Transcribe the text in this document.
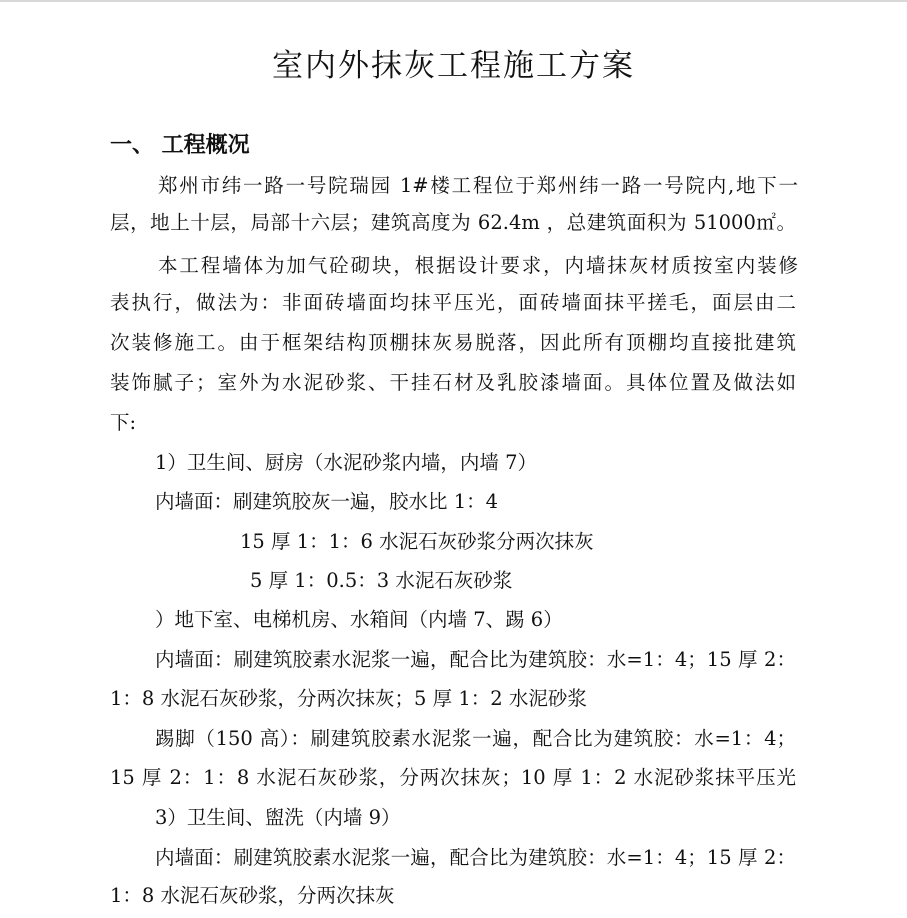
室内外抹灰工程施工方案
一、 工程概况
郑州市纬一路一号院瑞园 1#楼工程位于郑州纬一路一号院内,地下一
层，地上十层，局部十六层；建筑高度为 62.4m ，总建筑面积为 51000㎡。
本工程墙体为加气砼砌块，根据设计要求，内墙抹灰材质按室内装修
表执行，做法为：非面砖墙面均抹平压光，面砖墙面抹平搓毛，面层由二
次装修施工。由于框架结构顶棚抹灰易脱落，因此所有顶棚均直接批建筑
装饰腻子；室外为水泥砂浆、干挂石材及乳胶漆墙面。具体位置及做法如
下:
1）卫生间、厨房（水泥砂浆内墙，内墙 7）
内墙面：刷建筑胶灰一遍，胶水比 1：4
15 厚 1：1：6 水泥石灰砂浆分两次抹灰
5 厚 1：0.5：3 水泥石灰砂浆
）地下室、电梯机房、水箱间（内墙 7、踢 6）
内墙面：刷建筑胶素水泥浆一遍，配合比为建筑胶：水=1：4；15 厚 2：
1：8 水泥石灰砂浆，分两次抹灰；5 厚 1：2 水泥砂浆
踢脚（150 高）：刷建筑胶素水泥浆一遍，配合比为建筑胶：水=1：4；
15 厚 2：1：8 水泥石灰砂浆，分两次抹灰；10 厚 1：2 水泥砂浆抹平压光
3）卫生间、盥洗（内墙 9）
内墙面：刷建筑胶素水泥浆一遍，配合比为建筑胶：水=1：4；15 厚 2：
1：8 水泥石灰砂浆，分两次抹灰
